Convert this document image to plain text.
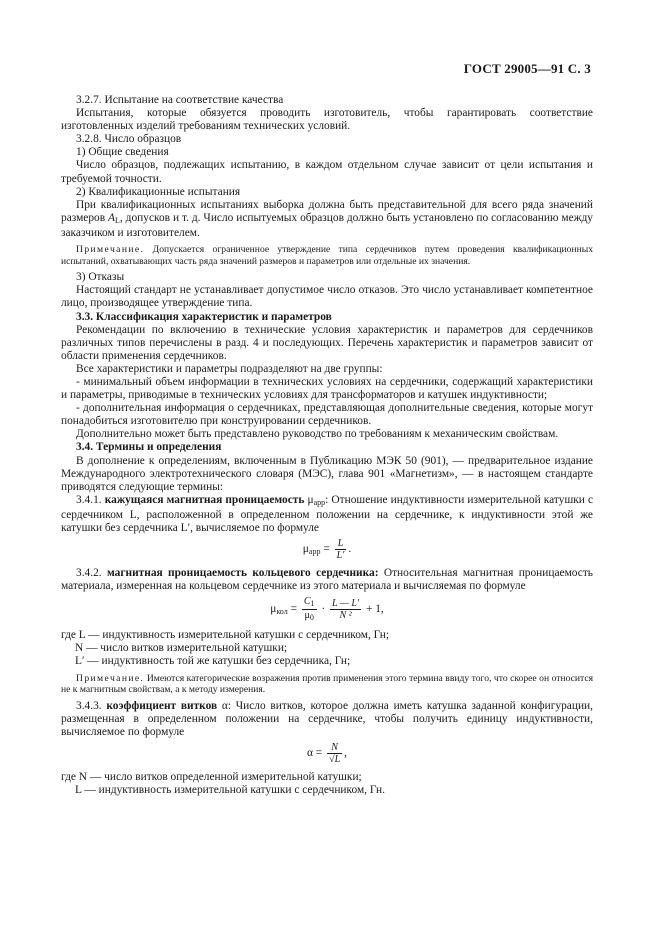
ГОСТ 29005—91 С. 3

3.2.7. Испытание на соответствие качества

Испытания, которые обязуется проводить изготовитель, чтобы гарантировать соответствие изготовленных изделий требованиям технических условий.

3.2.8. Число образцов

1) Общие сведения

Число образцов, подлежащих испытанию, в каждом отдельном случае зависит от цели испытания и требуемой точности.

2) Квалификационные испытания

При квалификационных испытаниях выборка должна быть представительной для всего ряда значений размеров $A_L$, допусков и т. д. Число испытуемых образцов должно быть установлено по согласованию между заказчиком и изготовителем.

Примечание. Допускается ограниченное утверждение типа сердечников путем проведения квалификационных испытаний, охватывающих часть ряда значений размеров и параметров или отдельные их значения.

3) Отказы

Настоящий стандарт не устанавливает допустимое число отказов. Это число устанавливает компетентное лицо, производящее утверждение типа.

3.3. Классификация характеристик и параметров

Рекомендации по включению в технические условия характеристик и параметров для сердечников различных типов перечислены в разд. 4 и последующих. Перечень характеристик и параметров зависит от области применения сердечников.

Все характеристики и параметры подразделяют на две группы:

- минимальный объем информации в технических условиях на сердечники, содержащий характеристики и параметры, приводимые в технических условиях для трансформаторов и катушек индуктивности;

- дополнительная информация о сердечниках, представляющая дополнительные сведения, которые могут понадобиться изготовителю при конструировании сердечников.

Дополнительно может быть представлено руководство по требованиям к механическим свойствам.

3.4. Термины и определения

В дополнение к определениям, включенным в Публикацию МЭК 50 (901), — предварительное издание Международного электротехнического словаря (МЭС), глава 901 «Магнетизм», — в настоящем стандарте приводятся следующие термины:

3.4.1. кажущаяся магнитная проницаемость $\mu_{app}$: Отношение индуктивности измерительной катушки с сердечником L, расположенной в определенном положении на сердечнике, к индуктивности этой же катушки без сердечника L′, вычисляемое по формуле

$\mu_{app} = \frac{L}{L'}$ .

3.4.2. магнитная проницаемость кольцевого сердечника: Относительная магнитная проницаемость материала, измеренная на кольцевом сердечнике из этого материала и вычисляемая по формуле

$\mu_{кол} = \frac{C_1}{\mu_0} \cdot \frac{L — L'}{\text{N ²}} + 1$,

где L — индуктивность измерительной катушки с сердечником, Гн;

N — число витков измерительной катушки;

L′ — индуктивность той же катушки без сердечника, Гн;

Примечание. Имеются категорические возражения против применения этого термина ввиду того, что скорее он относится не к магнитным свойствам, а к методу измерения.

3.4.3. коэффициент витков α: Число витков, которое должна иметь катушка заданной конфигурации, размещенная в определенном положении на сердечнике, чтобы получить единицу индуктивности, вычисляемое по формуле

$\alpha = \frac{N}{√L}$ ,

где N — число витков определенной измерительной катушки;

L — индуктивность измерительной катушки с сердечником, Гн.
